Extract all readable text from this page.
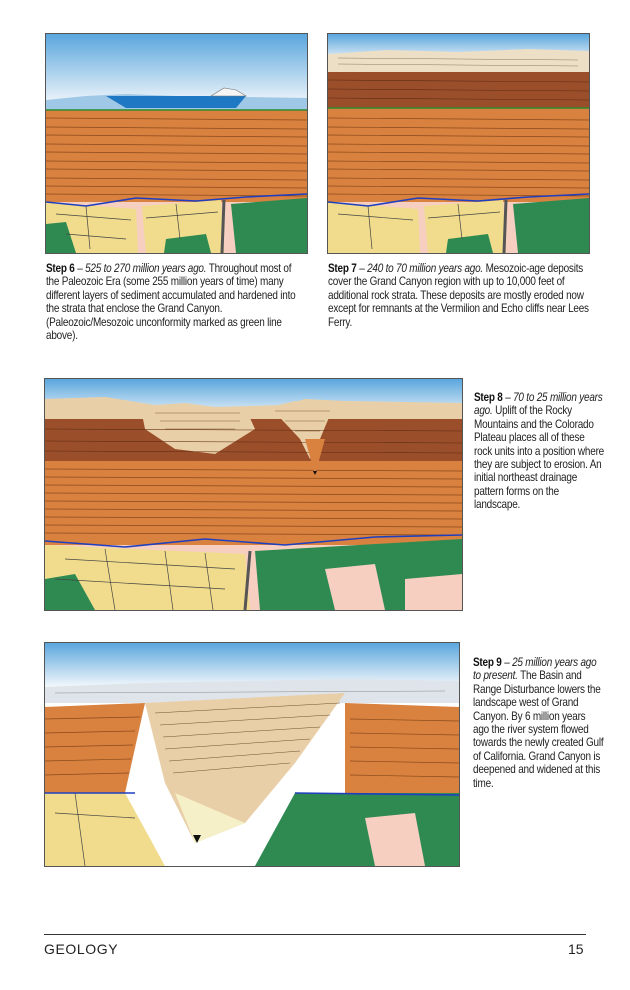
Step 6 – 525 to 270 million years ago. Throughout most of the Paleozoic Era (some 255 million years of time) many different layers of sediment accumulated and hardened into the strata that enclose the Grand Canyon. (Paleozoic/Mesozoic unconformity marked as green line above).
Step 7 – 240 to 70 million years ago. Mesozoic-age deposits cover the Grand Canyon region with up to 10,000 feet of additional rock strata. These deposits are mostly eroded now except for remnants at the Vermilion and Echo cliffs near Lees Ferry.
Step 8 – 70 to 25 million years ago. Uplift of the Rocky Mountains and the Colorado Plateau places all of these rock units into a position where they are subject to erosion. An initial northeast drainage pattern forms on the landscape.
Step 9 – 25 million years ago to present. The Basin and Range Disturbance lowers the landscape west of Grand Canyon. By 6 million years ago the river system flowed towards the newly created Gulf of California. Grand Canyon is deepened and widened at this time.
GEOLOGY	15
